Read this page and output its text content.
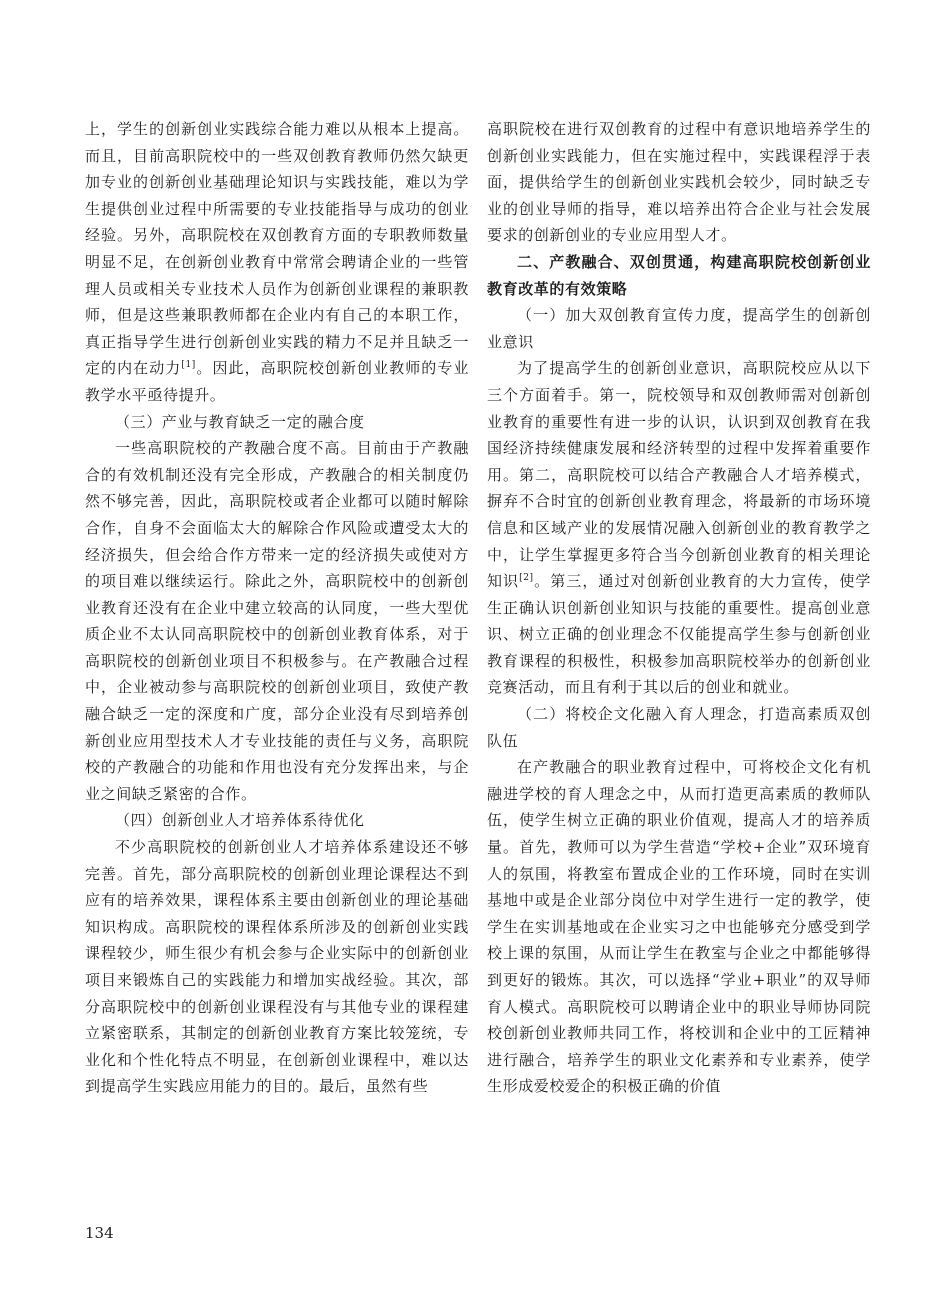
上，学生的创新创业实践综合能力难以从根本上提高。而且，目前高职院校中的一些双创教育教师仍然欠缺更加专业的创新创业基础理论知识与实践技能，难以为学生提供创业过程中所需要的专业技能指导与成功的创业经验。另外，高职院校在双创教育方面的专职教师数量明显不足，在创新创业教育中常常会聘请企业的一些管理人员或相关专业技术人员作为创新创业课程的兼职教师，但是这些兼职教师都在企业内有自己的本职工作，真正指导学生进行创新创业实践的精力不足并且缺乏一定的内在动力[1]。因此，高职院校创新创业教师的专业教学水平亟待提升。

（三）产业与教育缺乏一定的融合度

一些高职院校的产教融合度不高。目前由于产教融合的有效机制还没有完全形成，产教融合的相关制度仍然不够完善，因此，高职院校或者企业都可以随时解除合作，自身不会面临太大的解除合作风险或遭受太大的经济损失，但会给合作方带来一定的经济损失或使对方的项目难以继续运行。除此之外，高职院校中的创新创业教育还没有在企业中建立较高的认同度，一些大型优质企业不太认同高职院校中的创新创业教育体系，对于高职院校的创新创业项目不积极参与。在产教融合过程中，企业被动参与高职院校的创新创业项目，致使产教融合缺乏一定的深度和广度，部分企业没有尽到培养创新创业应用型技术人才专业技能的责任与义务，高职院校的产教融合的功能和作用也没有充分发挥出来，与企业之间缺乏紧密的合作。

（四）创新创业人才培养体系待优化

不少高职院校的创新创业人才培养体系建设还不够完善。首先，部分高职院校的创新创业理论课程达不到应有的培养效果，课程体系主要由创新创业的理论基础知识构成。高职院校的课程体系所涉及的创新创业实践课程较少，师生很少有机会参与企业实际中的创新创业项目来锻炼自己的实践能力和增加实战经验。其次，部分高职院校中的创新创业课程没有与其他专业的课程建立紧密联系，其制定的创新创业教育方案比较笼统，专业化和个性化特点不明显，在创新创业课程中，难以达到提高学生实践应用能力的目的。最后，虽然有些

高职院校在进行双创教育的过程中有意识地培养学生的创新创业实践能力，但在实施过程中，实践课程浮于表面，提供给学生的创新创业实践机会较少，同时缺乏专业的创业导师的指导，难以培养出符合企业与社会发展要求的创新创业的专业应用型人才。

二、产教融合、双创贯通，构建高职院校创新创业教育改革的有效策略

（一）加大双创教育宣传力度，提高学生的创新创业意识

为了提高学生的创新创业意识，高职院校应从以下三个方面着手。第一，院校领导和双创教师需对创新创业教育的重要性有进一步的认识，认识到双创教育在我国经济持续健康发展和经济转型的过程中发挥着重要作用。第二，高职院校可以结合产教融合人才培养模式，摒弃不合时宜的创新创业教育理念，将最新的市场环境信息和区域产业的发展情况融入创新创业的教育教学之中，让学生掌握更多符合当今创新创业教育的相关理论知识[2]。第三，通过对创新创业教育的大力宣传，使学生正确认识创新创业知识与技能的重要性。提高创业意识、树立正确的创业理念不仅能提高学生参与创新创业教育课程的积极性，积极参加高职院校举办的创新创业竞赛活动，而且有利于其以后的创业和就业。

（二）将校企文化融入育人理念，打造高素质双创队伍

在产教融合的职业教育过程中，可将校企文化有机融进学校的育人理念之中，从而打造更高素质的教师队伍，使学生树立正确的职业价值观，提高人才的培养质量。首先，教师可以为学生营造“学校+企业”双环境育人的氛围，将教室布置成企业的工作环境，同时在实训基地中或是企业部分岗位中对学生进行一定的教学，使学生在实训基地或在企业实习之中也能够充分感受到学校上课的氛围，从而让学生在教室与企业之中都能够得到更好的锻炼。其次，可以选择“学业+职业”的双导师育人模式。高职院校可以聘请企业中的职业导师协同院校创新创业教师共同工作，将校训和企业中的工匠精神进行融合，培养学生的职业文化素养和专业素养，使学生形成爱校爱企的积极正确的价值

134
